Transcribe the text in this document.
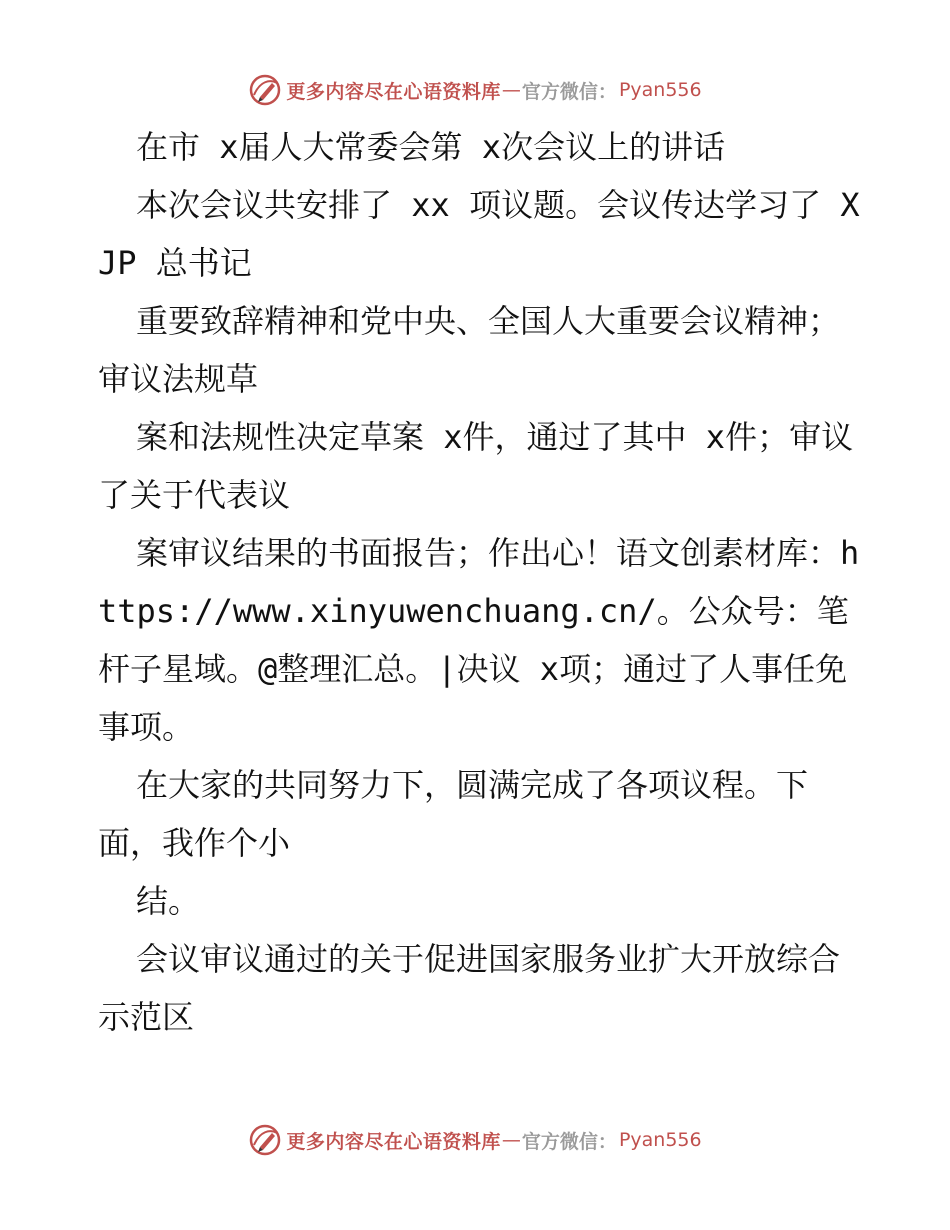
更多内容尽在心语资料库 — 官方微信： Pyan556

在市 x届人大常委会第 x次会议上的讲话

本次会议共安排了 xx 项议题。会议传达学习了 XJP 总书记

重要致辞精神和党中央、全国人大重要会议精神；审议法规草

案和法规性决定草案 x件，通过了其中 x件；审议了关于代表议

案审议结果的书面报告；作出心！语文创素材库：https://www.xinyuwenchuang.cn/。公众号：笔杆子星域。@整理汇总。|决议 x项；通过了人事任免事项。

在大家的共同努力下，圆满完成了各项议程。下面，我作个小

结。

会议审议通过的关于促进国家服务业扩大开放综合示范区

更多内容尽在心语资料库 — 官方微信： Pyan556
